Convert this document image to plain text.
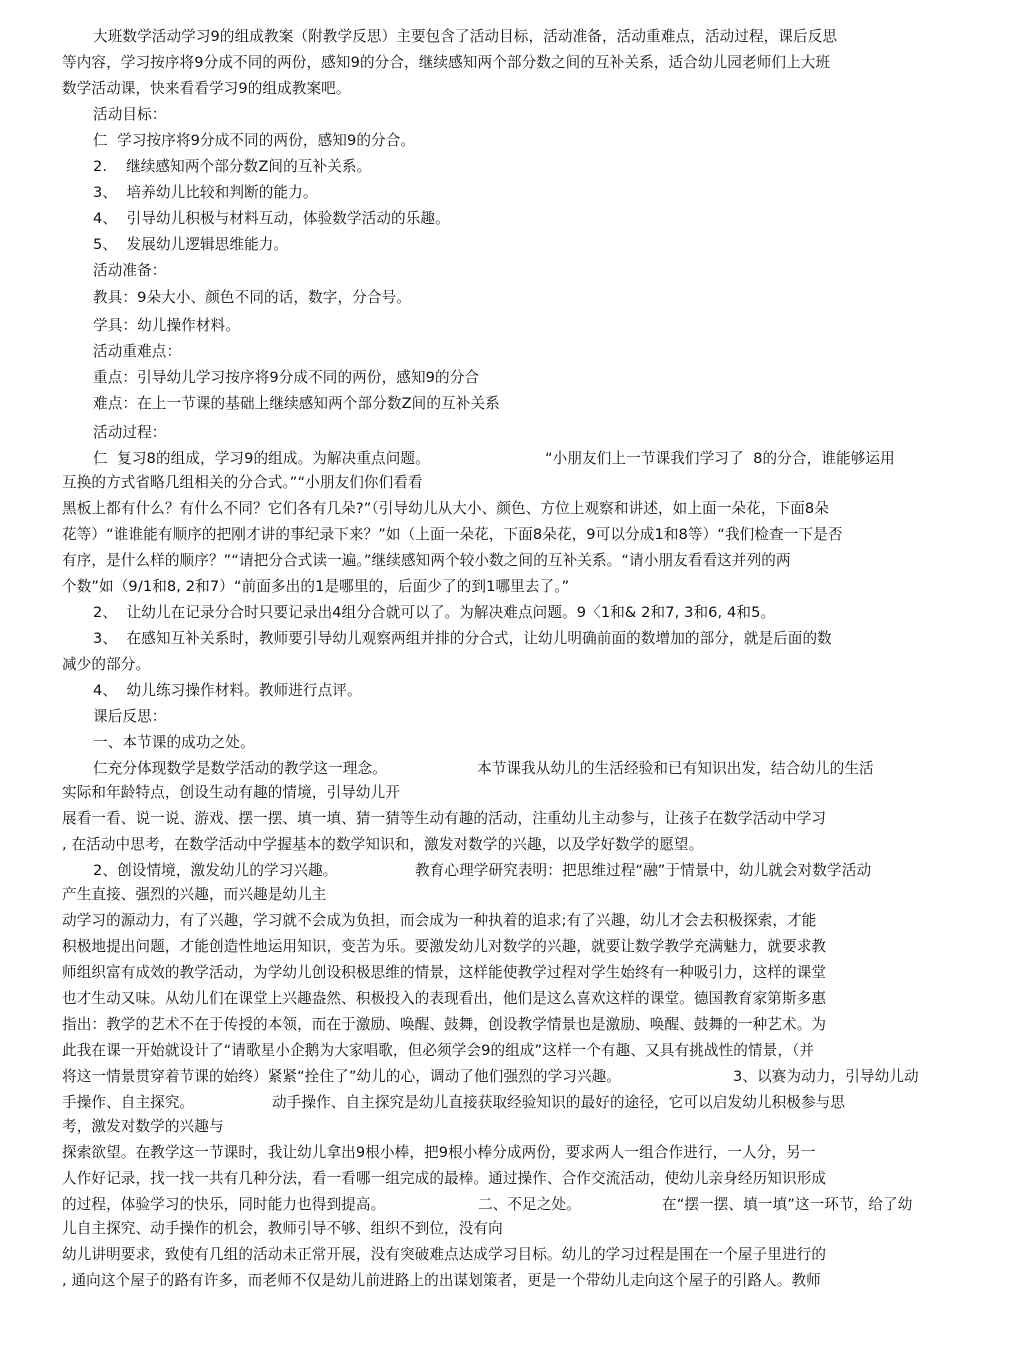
大班数学活动学习9的组成教案（附教学反思）主要包含了活动目标，活动准备，活动重难点，活动过程，课后反思
等内容，学习按序将9分成不同的两份，感知9的分合，继续感知两个部分数之间的互补关系，适合幼儿园老师们上大班
数学活动课，快来看看学习9的组成教案吧。
活动目标：
仁  学习按序将9分成不同的两份，感知9的分合。
2.    继续感知两个部分数Z间的互补关系。
3、  培养幼儿比较和判断的能力。
4、  引导幼儿积极与材料互动，体验数学活动的乐趣。
5、  发展幼儿逻辑思维能力。
活动准备：
教具：9朵大小、颜色不同的话，数字，分合号。
学具：幼儿操作材料。
活动重难点：
重点：引导幼儿学习按序将9分成不同的两份，感知9的分合
难点：在上一节课的基础上继续感知两个部分数Z间的互补关系
活动过程：
仁  复习8的组成，学习9的组成。为解决重点问题。	“小朋友们上一节课我们学习了  8的分合，谁能够运用
互换的方式省略几组相关的分合式。”“小朋友们你们看看
黑板上都有什么？有什么不同？它们各有几朵?”（引导幼儿从大小、颜色、方位上观察和讲述，如上面一朵花，下面8朵
花等）“谁谁能有顺序的把刚才讲的事纪录下来？”如（上面一朵花，下面8朵花，9可以分成1和8等）“我们检查一下是否
有序，是什么样的顺序？”“请把分合式读一遍。”继续感知两个较小数之间的互补关系。“请小朋友看看这并列的两
个数”如（9/1和8, 2和7）“前面多出的1是哪里的，后面少了的到1哪里去了。”
2、  让幼儿在记录分合时只要记录出4组分合就可以了。为解决难点问题。9〈1和& 2和7, 3和6, 4和5。
3、  在感知互补关系时，教师要引导幼儿观察两组并排的分合式，让幼儿明确前面的数增加的部分，就是后面的数
减少的部分。
4、  幼儿练习操作材料。教师进行点评。
课后反思：
一、本节课的成功之处。
仁充分体现数学是数学活动的教学这一理念。	本节课我从幼儿的生活经验和已有知识出发，结合幼儿的生活
实际和年龄特点，创设生动有趣的情境，引导幼儿开
展看一看、说一说、游戏、摆一摆、填一填、猜一猜等生动有趣的活动，注重幼儿主动参与，让孩子在数学活动中学习
, 在活动中思考，在数学活动中学握基本的数学知识和，激发对数学的兴趣，以及学好数学的愿望。
2、创设情境，激发幼儿的学习兴趣。	教育心理学研究表明：把思维过程“融”于情景中，幼儿就会对数学活动
产生直接、强烈的兴趣，而兴趣是幼儿主
动学习的源动力，有了兴趣，学习就不会成为负担，而会成为一种执着的追求;有了兴趣，幼儿才会去积极探索，才能
积极地提出问题，才能创造性地运用知识，变苦为乐。要激发幼儿对数学的兴趣，就要让数学教学充满魅力，就要求教
师组织富有成效的教学活动，为学幼儿创设积极思维的情景，这样能使教学过程对学生始终有一种吸引力，这样的课堂
也才生动又味。从幼儿们在课堂上兴趣盎然、积极投入的表现看出，他们是这么喜欢这样的课堂。德国教育家第斯多惠
指出：教学的艺术不在于传授的本领，而在于激励、唤醒、鼓舞，创设教学情景也是激励、唤醒、鼓舞的一种艺术。为
此我在课一开始就设计了“请歌星小企鹅为大家唱歌，但必须学会9的组成”这样一个有趣、又具有挑战性的情景，（并
将这一情景贯穿着节课的始终）紧紧“拴住了”幼儿的心，调动了他们强烈的学习兴趣。	3、以赛为动力，引导幼儿动
手操作、自主探究。	动手操作、自主探究是幼儿直接获取经验知识的最好的途径，它可以启发幼儿积极参与思
考，激发对数学的兴趣与
探索欲望。在教学这一节课时，我让幼儿拿出9根小棒，把9根小棒分成两份，要求两人一组合作进行，一人分，另一
人作好记录，找一找一共有几种分法，看一看哪一组完成的最棒。通过操作、合作交流活动，使幼儿亲身经历知识形成
的过程，体验学习的快乐，同时能力也得到提高。	二、不足之处。	在“摆一摆、填一填”这一环节，给了幼
儿自主探究、动手操作的机会，教师引导不够、组织不到位，没有向
幼儿讲明要求，致使有几组的活动未正常开展，没有突破难点达成学习目标。幼儿的学习过程是围在一个屋子里进行的
, 通向这个屋子的路有许多，而老师不仅是幼儿前进路上的出谋划策者，更是一个带幼儿走向这个屋子的引路人。教师
